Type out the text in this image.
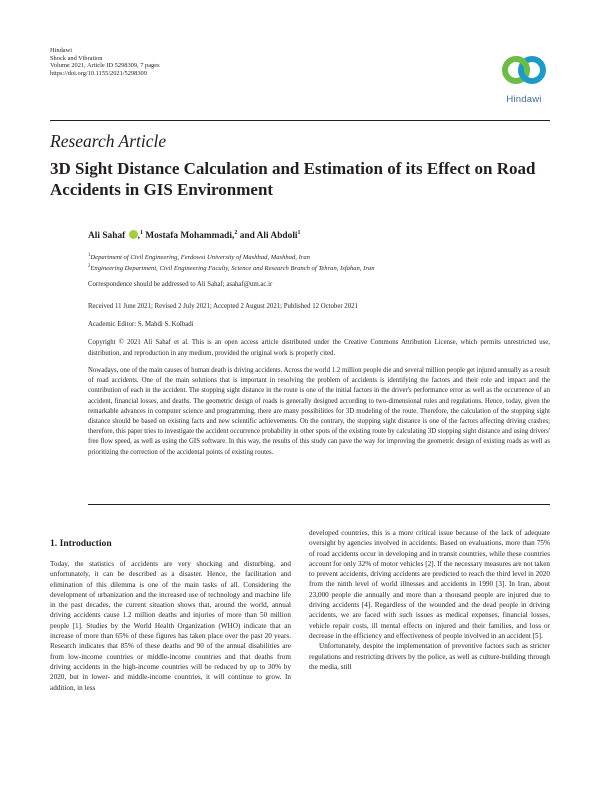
Hindawi
Shock and Vibration
Volume 2021, Article ID 5298309, 7 pages
https://doi.org/10.1155/2021/5298309
Hindawi
Research Article
3D Sight Distance Calculation and Estimation of its Effect on Road Accidents in GIS Environment
Ali Sahaf ,$^1$ Mostafa Mohammadi,$^2$ and Ali Abdoli$^1$
$^1$Department of Civil Engineering, Ferdowsi University of Mashhad, Mashhad, Iran
$^2$Engineering Department, Civil Engineering Faculty, Science and Research Branch of Tehran, Isfahan, Iran
Correspondence should be addressed to Ali Sahaf; asahaf@um.ac.ir
Received 11 June 2021; Revised 2 July 2021; Accepted 2 August 2021; Published 12 October 2021
Academic Editor: S. Mahdi S. Kolbadi
Copyright © 2021 Ali Sahaf et al. This is an open access article distributed under the Creative Commons Attribution License, which permits unrestricted use, distribution, and reproduction in any medium, provided the original work is properly cited.
Nowadays, one of the main causes of human death is driving accidents. Across the world 1.2 million people die and several million people get injured annually as a result of road accidents. One of the main solutions that is important in resolving the problem of accidents is identifying the factors and their role and impact and the contribution of each in the accident. The stopping sight distance in the route is one of the initial factors in the driver's performance error as well as the occurrence of an accident, financial losses, and deaths. The geometric design of roads is generally designed according to two-dimensional rules and regulations. Hence, today, given the remarkable advances in computer science and programming, there are many possibilities for 3D modeling of the route. Therefore, the calculation of the stopping sight distance should be based on existing facts and new scientific achievements. On the contrary, the stopping sight distance is one of the factors affecting driving crashes; therefore, this paper tries to investigate the accident occurrence probability in other spots of the existing route by calculating 3D stopping sight distance and using drivers' free flow speed, as well as using the GIS software. In this way, the results of this study can pave the way for improving the geometric design of existing roads as well as prioritizing the correction of the accidental points of existing routes.
1. Introduction

Today, the statistics of accidents are very shocking and disturbing, and unfortunately, it can be described as a disaster. Hence, the facilitation and elimination of this dilemma is one of the main tasks of all. Considering the development of urbanization and the increased use of technology and machine life in the past decades, the current situation shows that, around the world, annual driving accidents cause 1.2 million deaths and injuries of more than 50 million people [1]. Studies by the World Health Organization (WHO) indicate that an increase of more than 65% of these figures has taken place over the past 20 years. Research indicates that 85% of these deaths and 90 of the annual disabilities are from low-income countries or middle-income countries and that deaths from driving accidents in the high-income countries will be reduced by up to 30% by 2020, but in lower- and middle-income countries, it will continue to grow. In addition, in less

developed countries, this is a more critical issue because of the lack of adequate oversight by agencies involved in accidents. Based on evaluations, more than 75% of road accidents occur in developing and in transit countries, while these countries account for only 32% of motor vehicles [2]. If the necessary measures are not taken to prevent accidents, driving accidents are predicted to reach the third level in 2020 from the ninth level of world illnesses and accidents in 1990 [3]. In Iran, about 23,000 people die annually and more than a thousand people are injured due to driving accidents [4]. Regardless of the wounded and the dead people in driving accidents, we are faced with such issues as medical expenses, financial losses, vehicle repair costs, ill mental effects on injured and their families, and loss or decrease in the efficiency and effectiveness of people involved in an accident [5].

Unfortunately, despite the implementation of preventive factors such as stricter regulations and restricting drivers by the police, as well as culture-building through the media, still
